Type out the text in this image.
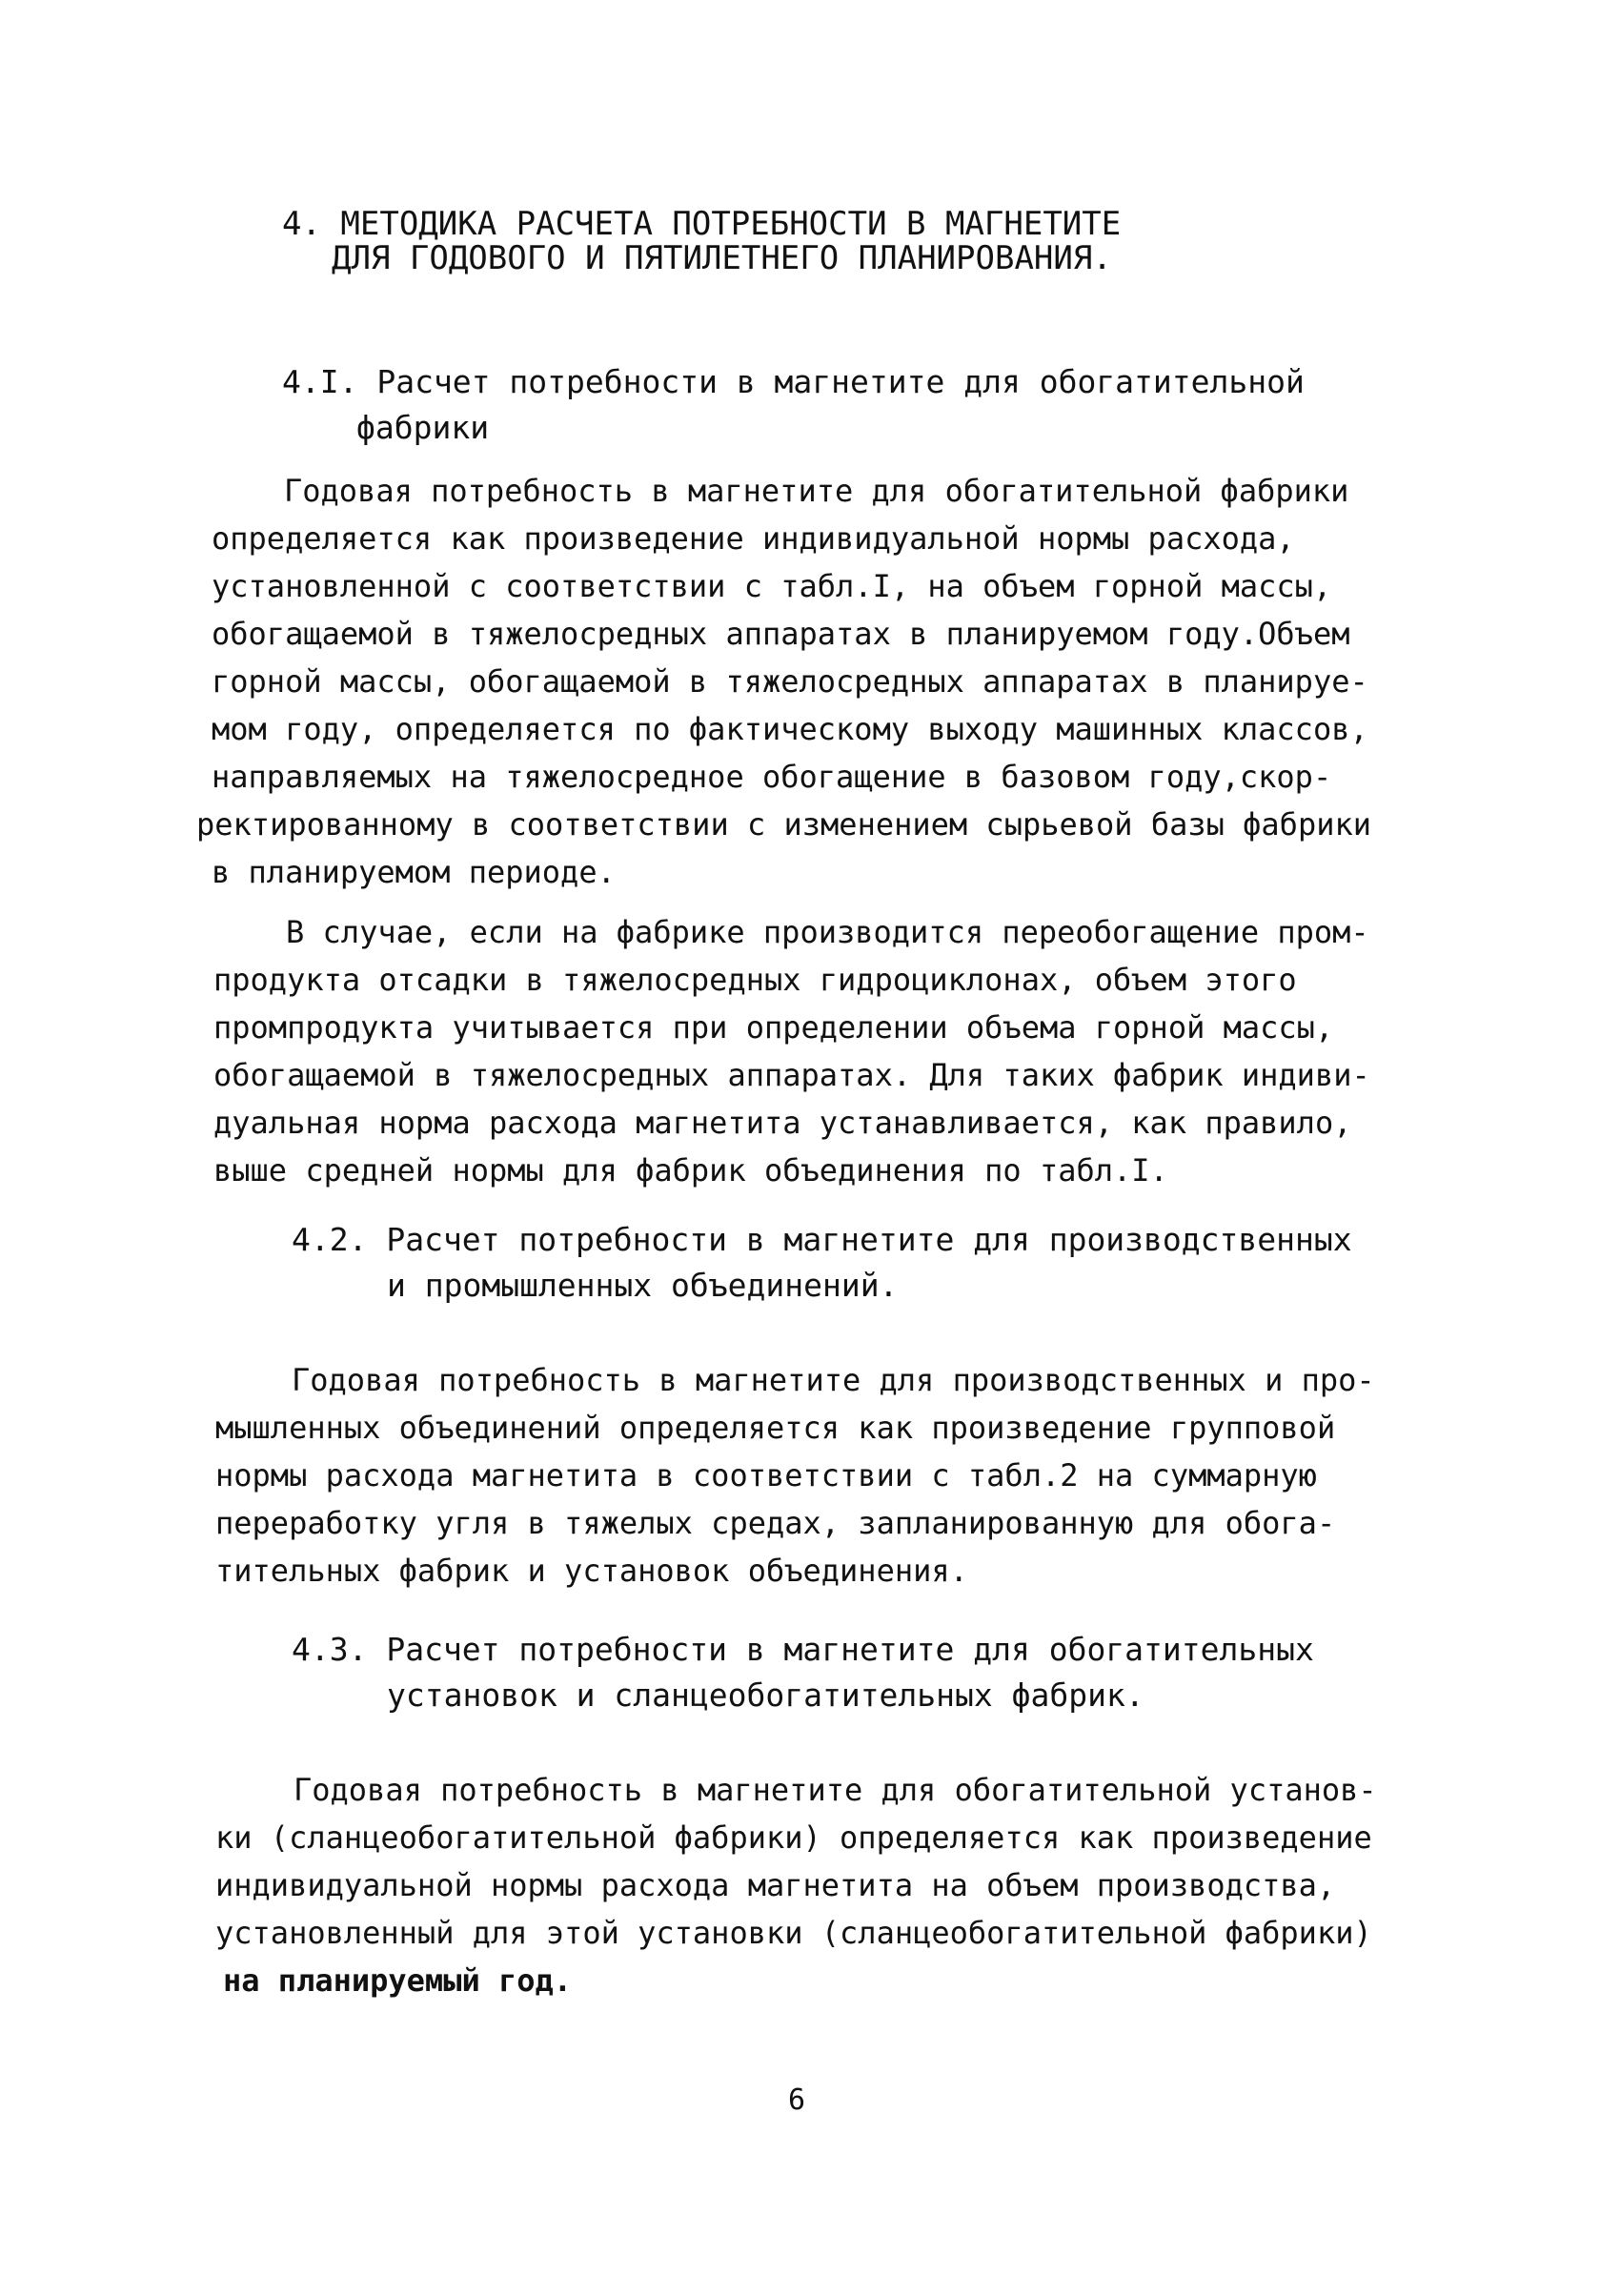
4. МЕТОДИКА РАСЧЕТА ПОТРЕБНОСТИ В МАГНЕТИТЕ
ДЛЯ ГОДОВОГО И ПЯТИЛЕТНЕГО ПЛАНИРОВАНИЯ.
4.I. Расчет потребности в магнетите для обогатительной
фабрики
Годовая потребность в магнетите для обогатительной фабрики
определяется как произведение индивидуальной нормы расхода,
установленной с соответствии с табл.I, на объем горной массы,
обогащаемой в тяжелосредных аппаратах в планируемом году.Объем
горной массы, обогащаемой в тяжелосредных аппаратах в планируе-
мом году, определяется по фактическому выходу машинных классов,
направляемых на тяжелосредное обогащение в базовом году,скор-
ректированному в соответствии с изменением сырьевой базы фабрики
в планируемом периоде.
В случае, если на фабрике производится переобогащение пром-
продукта отсадки в тяжелосредных гидроциклонах, объем этого
промпродукта учитывается при определении объема горной массы,
обогащаемой в тяжелосредных аппаратах. Для таких фабрик индиви-
дуальная норма расхода магнетита устанавливается, как правило,
выше средней нормы для фабрик объединения по табл.I.
4.2. Расчет потребности в магнетите для производственных
и промышленных объединений.
Годовая потребность в магнетите для производственных и про-
мышленных объединений определяется как произведение групповой
нормы расхода магнетита в соответствии с табл.2 на суммарную
переработку угля в тяжелых средах, запланированную для обога-
тительных фабрик и установок объединения.
4.3. Расчет потребности в магнетите для обогатительных
установок и сланцеобогатительных фабрик.
Годовая потребность в магнетите для обогатительной установ-
ки (сланцеобогатительной фабрики) определяется как произведение
индивидуальной нормы расхода магнетита на объем производства,
установленный для этой установки (сланцеобогатительной фабрики)
на планируемый год.
6
